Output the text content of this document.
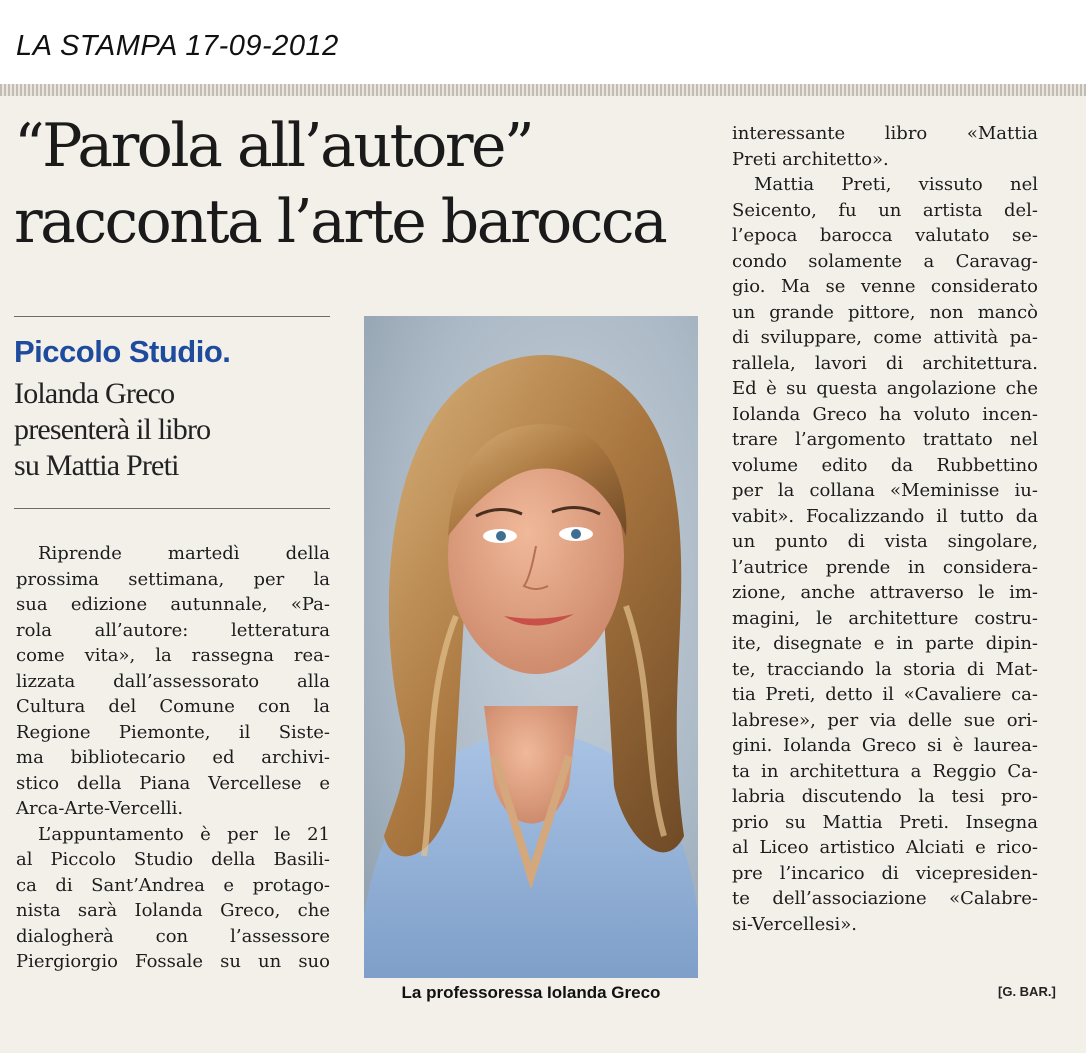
LA STAMPA 17-09-2012
“Parola all’autore”
racconta l’arte barocca
Piccolo Studio.
Iolanda Greco
presenterà il libro
su Mattia Preti
Riprende martedì della
prossima settimana, per la
sua edizione autunnale, «Pa-
rola all’autore: letteratura
come vita», la rassegna rea-
lizzata dall’assessorato alla
Cultura del Comune con la
Regione Piemonte, il Siste-
ma bibliotecario ed archivi-
stico della Piana Vercellese e
Arca-Arte-Vercelli.
L’appuntamento è per le 21
al Piccolo Studio della Basili-
ca di Sant’Andrea e protago-
nista sarà Iolanda Greco, che
dialogherà con l’assessore
Piergiorgio Fossale su un suo
La professoressa Iolanda Greco
interessante libro «Mattia
Preti architetto».
Mattia Preti, vissuto nel
Seicento, fu un artista del-
l’epoca barocca valutato se-
condo solamente a Caravag-
gio. Ma se venne considerato
un grande pittore, non mancò
di sviluppare, come attività pa-
rallela, lavori di architettura.
Ed è su questa angolazione che
Iolanda Greco ha voluto incen-
trare l’argomento trattato nel
volume edito da Rubbettino
per la collana «Meminisse iu-
vabit». Focalizzando il tutto da
un punto di vista singolare,
l’autrice prende in considera-
zione, anche attraverso le im-
magini, le architetture costru-
ite, disegnate e in parte dipin-
te, tracciando la storia di Mat-
tia Preti, detto il «Cavaliere ca-
labrese», per via delle sue ori-
gini. Iolanda Greco si è laurea-
ta in architettura a Reggio Ca-
labria discutendo la tesi pro-
prio su Mattia Preti. Insegna
al Liceo artistico Alciati e rico-
pre l’incarico di vicepresiden-
te dell’associazione «Calabre-
si-Vercellesi».
[G. BAR.]
